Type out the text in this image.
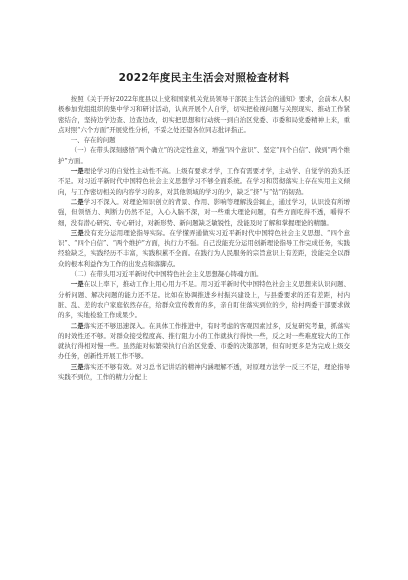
2022年度民主生活会对照检查材料

按照《关于开好2022年度县以上党和国家机关党员领导干部民主生活会的通知》要求，会前本人积极参加党组组织的集中学习和研讨活动，认真开展个人自学，切实把检视问题与关照现实、推动工作紧密结合，坚持边学边查、边查边改，切实把思想和行动统一到自治区党委、市委和局党委精神上来，重点对照“六个方面”开展党性分析，不妥之处还望各位同志批评指正。

一、存在的问题

（一）在带头深刻感悟“两个确立”的决定性意义，增强“四个意识”、坚定“四个自信”、做到“两个维护”方面。

一是理论学习的自觉性主动性不高。上级有要求才学，工作有需要才学，主动学、自觉学的劲头还不足。对习近平新时代中国特色社会主义思想学习不够全面系统。在学习和贯彻落实上存在实用主义倾向，与工作密切相关的内容学习的多，对其他领域的学习的少，缺乏“挤”与“钻”的韧劲。

二是学习不深入。对理论知识创立的背景、作用、影响等理解浅尝辄止，通过学习，认识没有所增强，但领悟力、判断力仍然不足，入心入脑不深，对一些重大理论问题，有些方面吃得不透，嚼得不细，没有潜心研究、专心研讨，对新形势、新问题缺乏敏锐性，没能及时了解和掌握理论的精髓。

三是没有充分运用理论指导实际。在学懂弄通做实习近平新时代中国特色社会主义思想、“四个意识”、“四个自信”、“两个维护”方面，执行力不强。自己没能充分运用创新理论指导工作完成任务，实践经验缺乏，实践经历不丰富，实践积累不全面。在践行为人民服务的宗旨意识上有差距，没能完全以群众的根本利益作为工作的出发点和落脚点。

（二）在带头用习近平新时代中国特色社会主义思想凝心铸魂方面。

一是在以上率下，推动工作上用心用力不足。用习近平新时代中国特色社会主义思想来认识问题、分析问题、解决问题的能力还不足。比如在协调推进乡村振兴建设上，与县委要求的还有差距，村内脏、乱、差的农户家庭依然存在，给群众宣传教育的多，亲自盯住落实到位的少，给村两委干部要求做的多，实地检验工作成果少。

二是落实还不够迅速深入。在具体工作推进中，有时考虑的客观因素过多，反复研究考量，抓落实的时效性还不够。对群众接受程度高、推行阻力小的工作就执行得快一些，反之对一些难度较大的工作就执行得相对慢一些。虽然能对标繁荣执行自治区党委、市委的决策部署，但有时更多是为完成上级交办任务，创新性开展工作不够。

三是落实还不够有效。对习总书记讲话的精神内涵理解不透，对原理方法学一反三不足，理论指导实践不到位，工作的精力分配上
